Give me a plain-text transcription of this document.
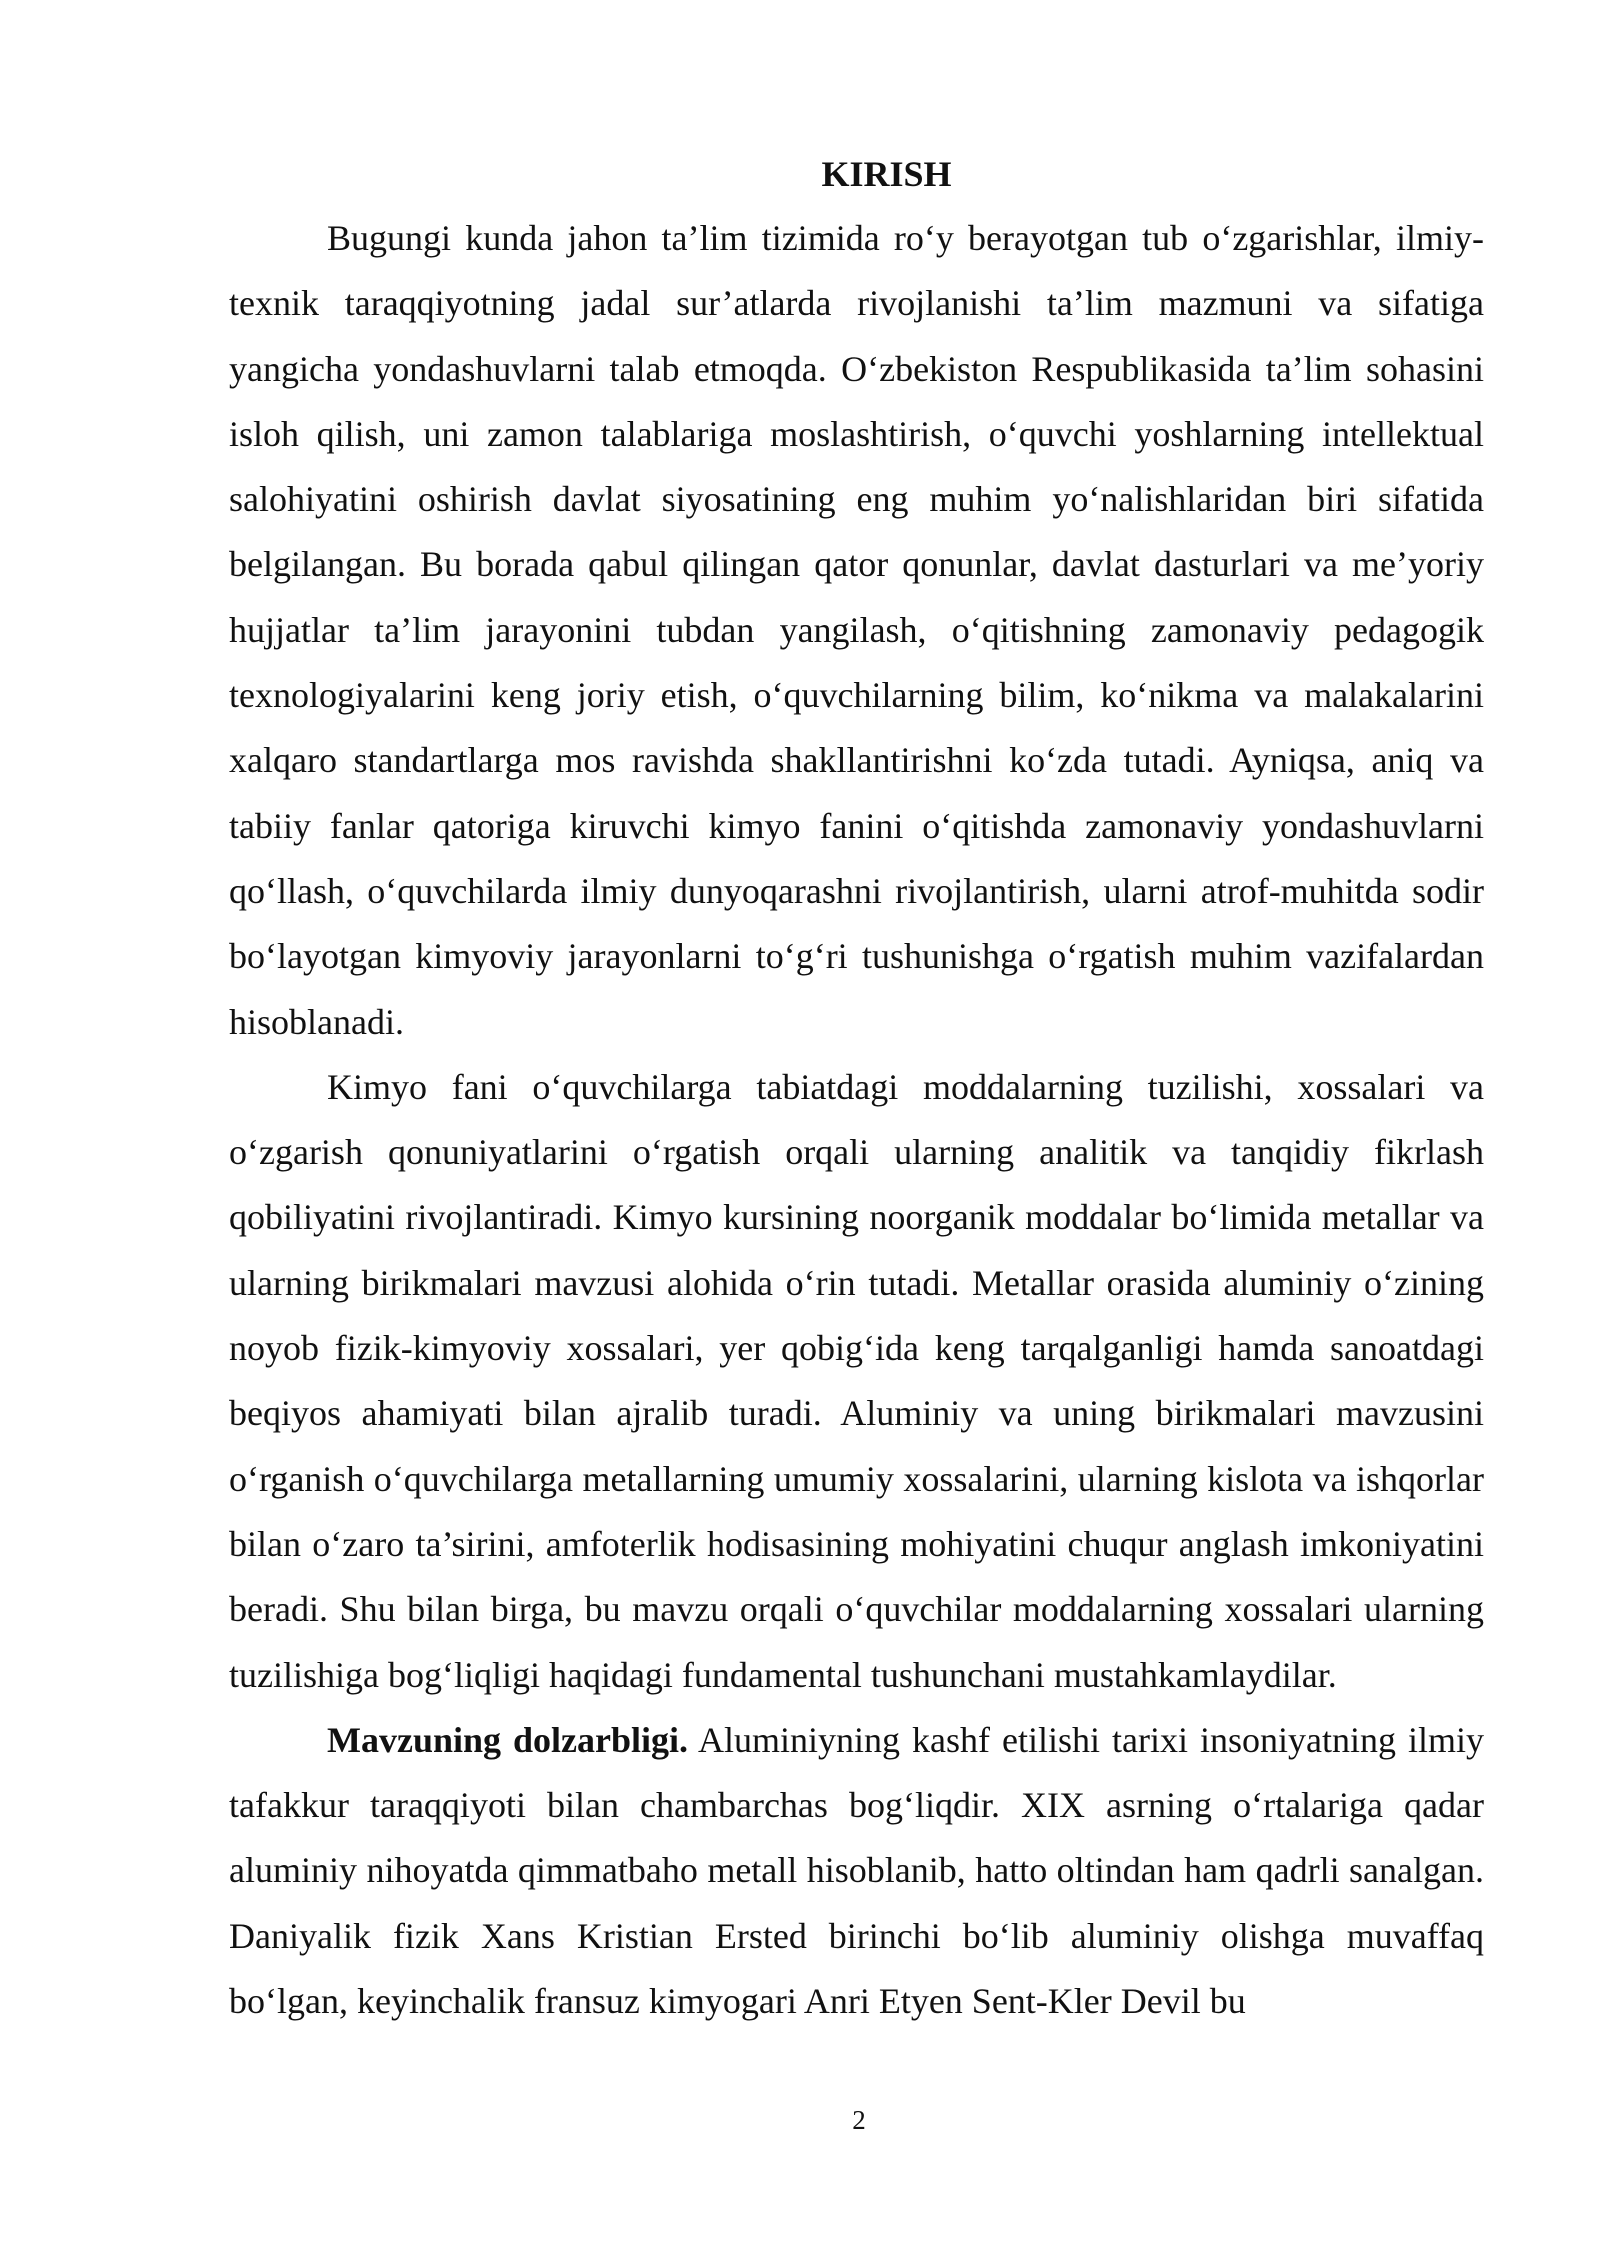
KIRISH

Bugungi kunda jahon ta’lim tizimida ro‘y berayotgan tub o‘zgarishlar, ilmiy-texnik taraqqiyotning jadal sur’atlarda rivojlanishi ta’lim mazmuni va sifatiga yangicha yondashuvlarni talab etmoqda. O‘zbekiston Respublikasida ta’lim sohasini isloh qilish, uni zamon talablariga moslashtirish, o‘quvchi yoshlarning intellektual salohiyatini oshirish davlat siyosatining eng muhim yo‘nalishlaridan biri sifatida belgilangan. Bu borada qabul qilingan qator qonunlar, davlat dasturlari va me’yoriy hujjatlar ta’lim jarayonini tubdan yangilash, o‘qitishning zamonaviy pedagogik texnologiyalarini keng joriy etish, o‘quvchilarning bilim, ko‘nikma va malakalarini xalqaro standartlarga mos ravishda shakllantirishni ko‘zda tutadi. Ayniqsa, aniq va tabiiy fanlar qatoriga kiruvchi kimyo fanini o‘qitishda zamonaviy yondashuvlarni qo‘llash, o‘quvchilarda ilmiy dunyoqarashni rivojlantirish, ularni atrof-muhitda sodir bo‘layotgan kimyoviy jarayonlarni to‘g‘ri tushunishga o‘rgatish muhim vazifalardan hisoblanadi.

Kimyo fani o‘quvchilarga tabiatdagi moddalarning tuzilishi, xossalari va o‘zgarish qonuniyatlarini o‘rgatish orqali ularning analitik va tanqidiy fikrlash qobiliyatini rivojlantiradi. Kimyo kursining noorganik moddalar bo‘limida metallar va ularning birikmalari mavzusi alohida o‘rin tutadi. Metallar orasida aluminiy o‘zining noyob fizik-kimyoviy xossalari, yer qobig‘ida keng tarqalganligi hamda sanoatdagi beqiyos ahamiyati bilan ajralib turadi. Aluminiy va uning birikmalari mavzusini o‘rganish o‘quvchilarga metallarning umumiy xossalarini, ularning kislota va ishqorlar bilan o‘zaro ta’sirini, amfoterlik hodisasining mohiyatini chuqur anglash imkoniyatini beradi. Shu bilan birga, bu mavzu orqali o‘quvchilar moddalarning xossalari ularning tuzilishiga bog‘liqligi haqidagi fundamental tushunchani mustahkamlaydilar.

Mavzuning dolzarbligi. Aluminiyning kashf etilishi tarixi insoniyatning ilmiy tafakkur taraqqiyoti bilan chambarchas bog‘liqdir. XIX asrning o‘rtalariga qadar aluminiy nihoyatda qimmatbaho metall hisoblanib, hatto oltindan ham qadrli sanalgan. Daniyalik fizik Xans Kristian Ersted birinchi bo‘lib aluminiy olishga muvaffaq bo‘lgan, keyinchalik fransuz kimyogari Anri Etyen Sent-Kler Devil bu

2
